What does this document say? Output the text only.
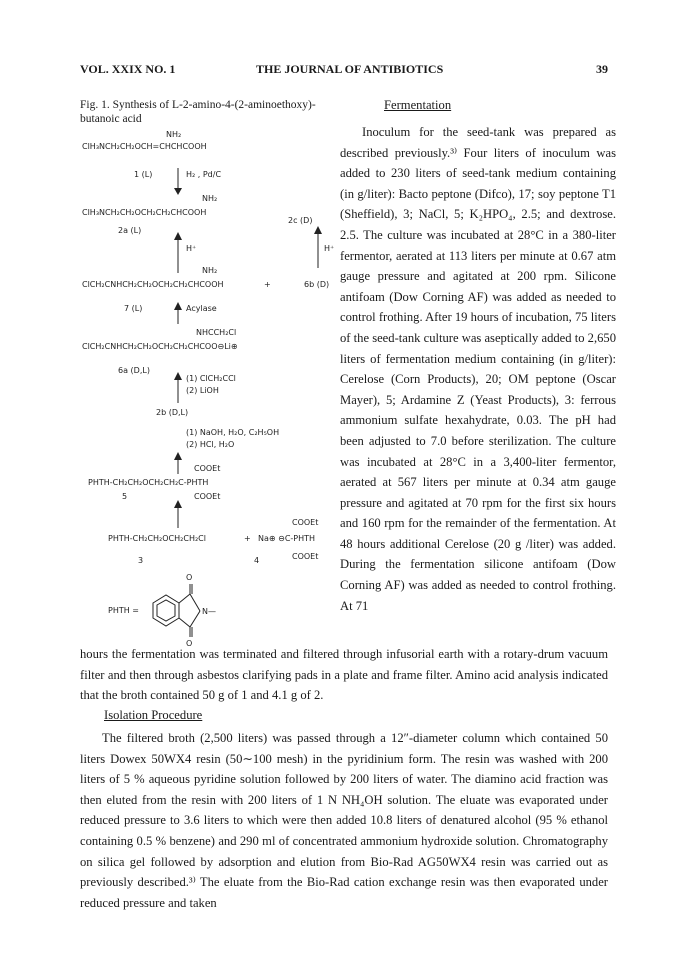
VOL. XXIX NO. 1	THE JOURNAL OF ANTIBIOTICS	39
Fig. 1. Synthesis of L-2-amino-4-(2-aminoethoxy)-butanoic acid
O
O
N—
NH₂
ClH₃NCH₂CH₂OCH=CHCHCOOH
1 (L)	H₂ , Pd/C
NH₂
ClH₃NCH₂CH₂OCH₂CH₂CHCOOH
2c (D)
2a (L)
H⁺	H⁺
NH₂
ClCH₂CNHCH₂CH₂OCH₂CH₂CHCOOH	+	6b (D)
7 (L)	Acylase
NHCCH₂Cl
ClCH₂CNHCH₂CH₂OCH₂CH₂CHCOO⊖Li⊕
6a (D,L)
(1) ClCH₂CCl
(2) LiOH
2b (D,L)
(1) NaOH, H₂O, C₂H₅OH
(2) HCl, H₂O
COOEt
PHTH-CH₂CH₂OCH₂CH₂C-PHTH
COOEt
5
COOEt
PHTH-CH₂CH₂OCH₂CH₂Cl	+ Na⊕ ⊖C-PHTH
COOEt
3	4
PHTH =
Fermentation

Inoculum for the seed-tank was prepared as described previously.³⁾ Four liters of inoculum was added to 230 liters of seed-tank medium containing (in g/liter): Bacto peptone (Difco), 17; soy peptone T1 (Sheffield), 3; NaCl, 5; K₂HPO₄, 2.5; and dextrose. 2.5. The culture was incubated at 28°C in a 380-liter fermentor, aerated at 113 liters per minute at 0.67 atm gauge pressure and agitated at 200 rpm. Silicone antifoam (Dow Corning AF) was added as needed to control frothing. After 19 hours of incubation, 75 liters of the seed-tank culture was aseptically added to 2,650 liters of fermentation medium containing (in g/liter): Cerelose (Corn Products), 20; OM peptone (Oscar Mayer), 5; Ardamine Z (Yeast Products), 3: ferrous ammonium sulfate hexahydrate, 0.03. The pH had been adjusted to 7.0 before sterilization. The culture was incubated at 28°C in a 3,400-liter fermentor, aerated at 567 liters per minute at 0.34 atm gauge pressure and agitated at 70 rpm for the first six hours and 160 rpm for the remainder of the fermentation. At 48 hours additional Cerelose (20 g /liter) was added. During the fermentation silicone antifoam (Dow Corning AF) was added as needed to control frothing. At 71

hours the fermentation was terminated and filtered through infusorial earth with a rotary-drum vacuum filter and then through asbestos clarifying pads in a plate and frame filter. Amino acid analysis indicated that the broth contained 50 g of 1 and 4.1 g of 2.

Isolation Procedure

The filtered broth (2,500 liters) was passed through a 12″-diameter column which contained 50 liters Dowex 50WX4 resin (50∼100 mesh) in the pyridinium form. The resin was washed with 200 liters of 5 % aqueous pyridine solution followed by 200 liters of water. The diamino acid fraction was then eluted from the resin with 200 liters of 1 N NH₄OH solution. The eluate was evaporated under reduced pressure to 3.6 liters to which were then added 10.8 liters of denatured alcohol (95 % ethanol containing 0.5 % benzene) and 290 ml of concentrated ammonium hydroxide solution. Chromatography on silica gel followed by adsorption and elution from Bio-Rad AG50WX4 resin was carried out as previously described.³⁾ The eluate from the Bio-Rad cation exchange resin was then evaporated under reduced pressure and taken
